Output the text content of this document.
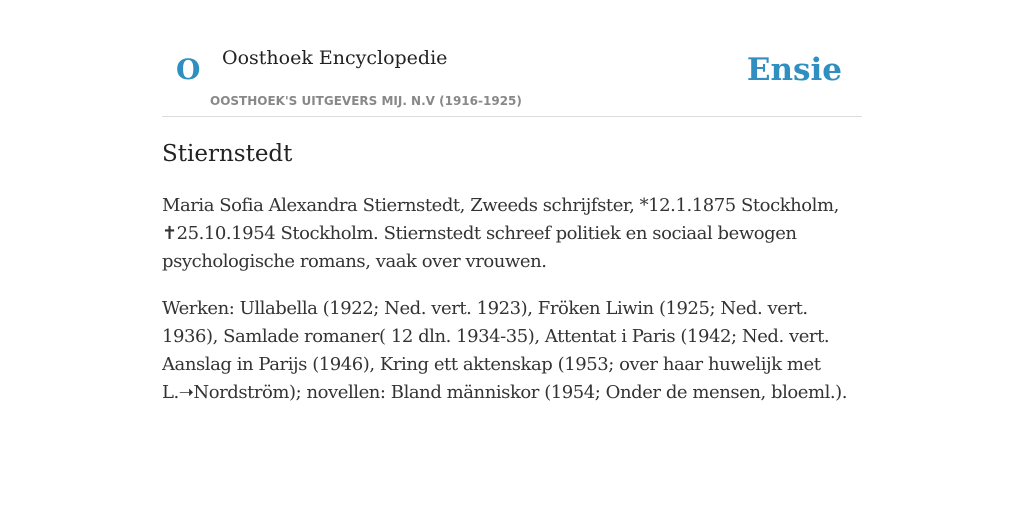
O Oosthoek Encyclopedie
OOSTHOEK'S UITGEVERS MIJ. N.V (1916-1925)
Ensie
Stiernstedt

Maria Sofia Alexandra Stiernstedt, Zweeds schrijfster, *12.1.1875 Stockholm, ✝25.10.1954 Stockholm. Stiernstedt schreef politiek en sociaal bewogen psychologische romans, vaak over vrouwen.

Werken: Ullabella (1922; Ned. vert. 1923), Fröken Liwin (1925; Ned. vert. 1936), Samlade romaner( 12 dln. 1934-35), Attentat i Paris (1942; Ned. vert. Aanslag in Parijs (1946), Kring ett aktenskap (1953; over haar huwelijk met L.➝Nordström); novellen: Bland människor (1954; Onder de mensen, bloeml.).
